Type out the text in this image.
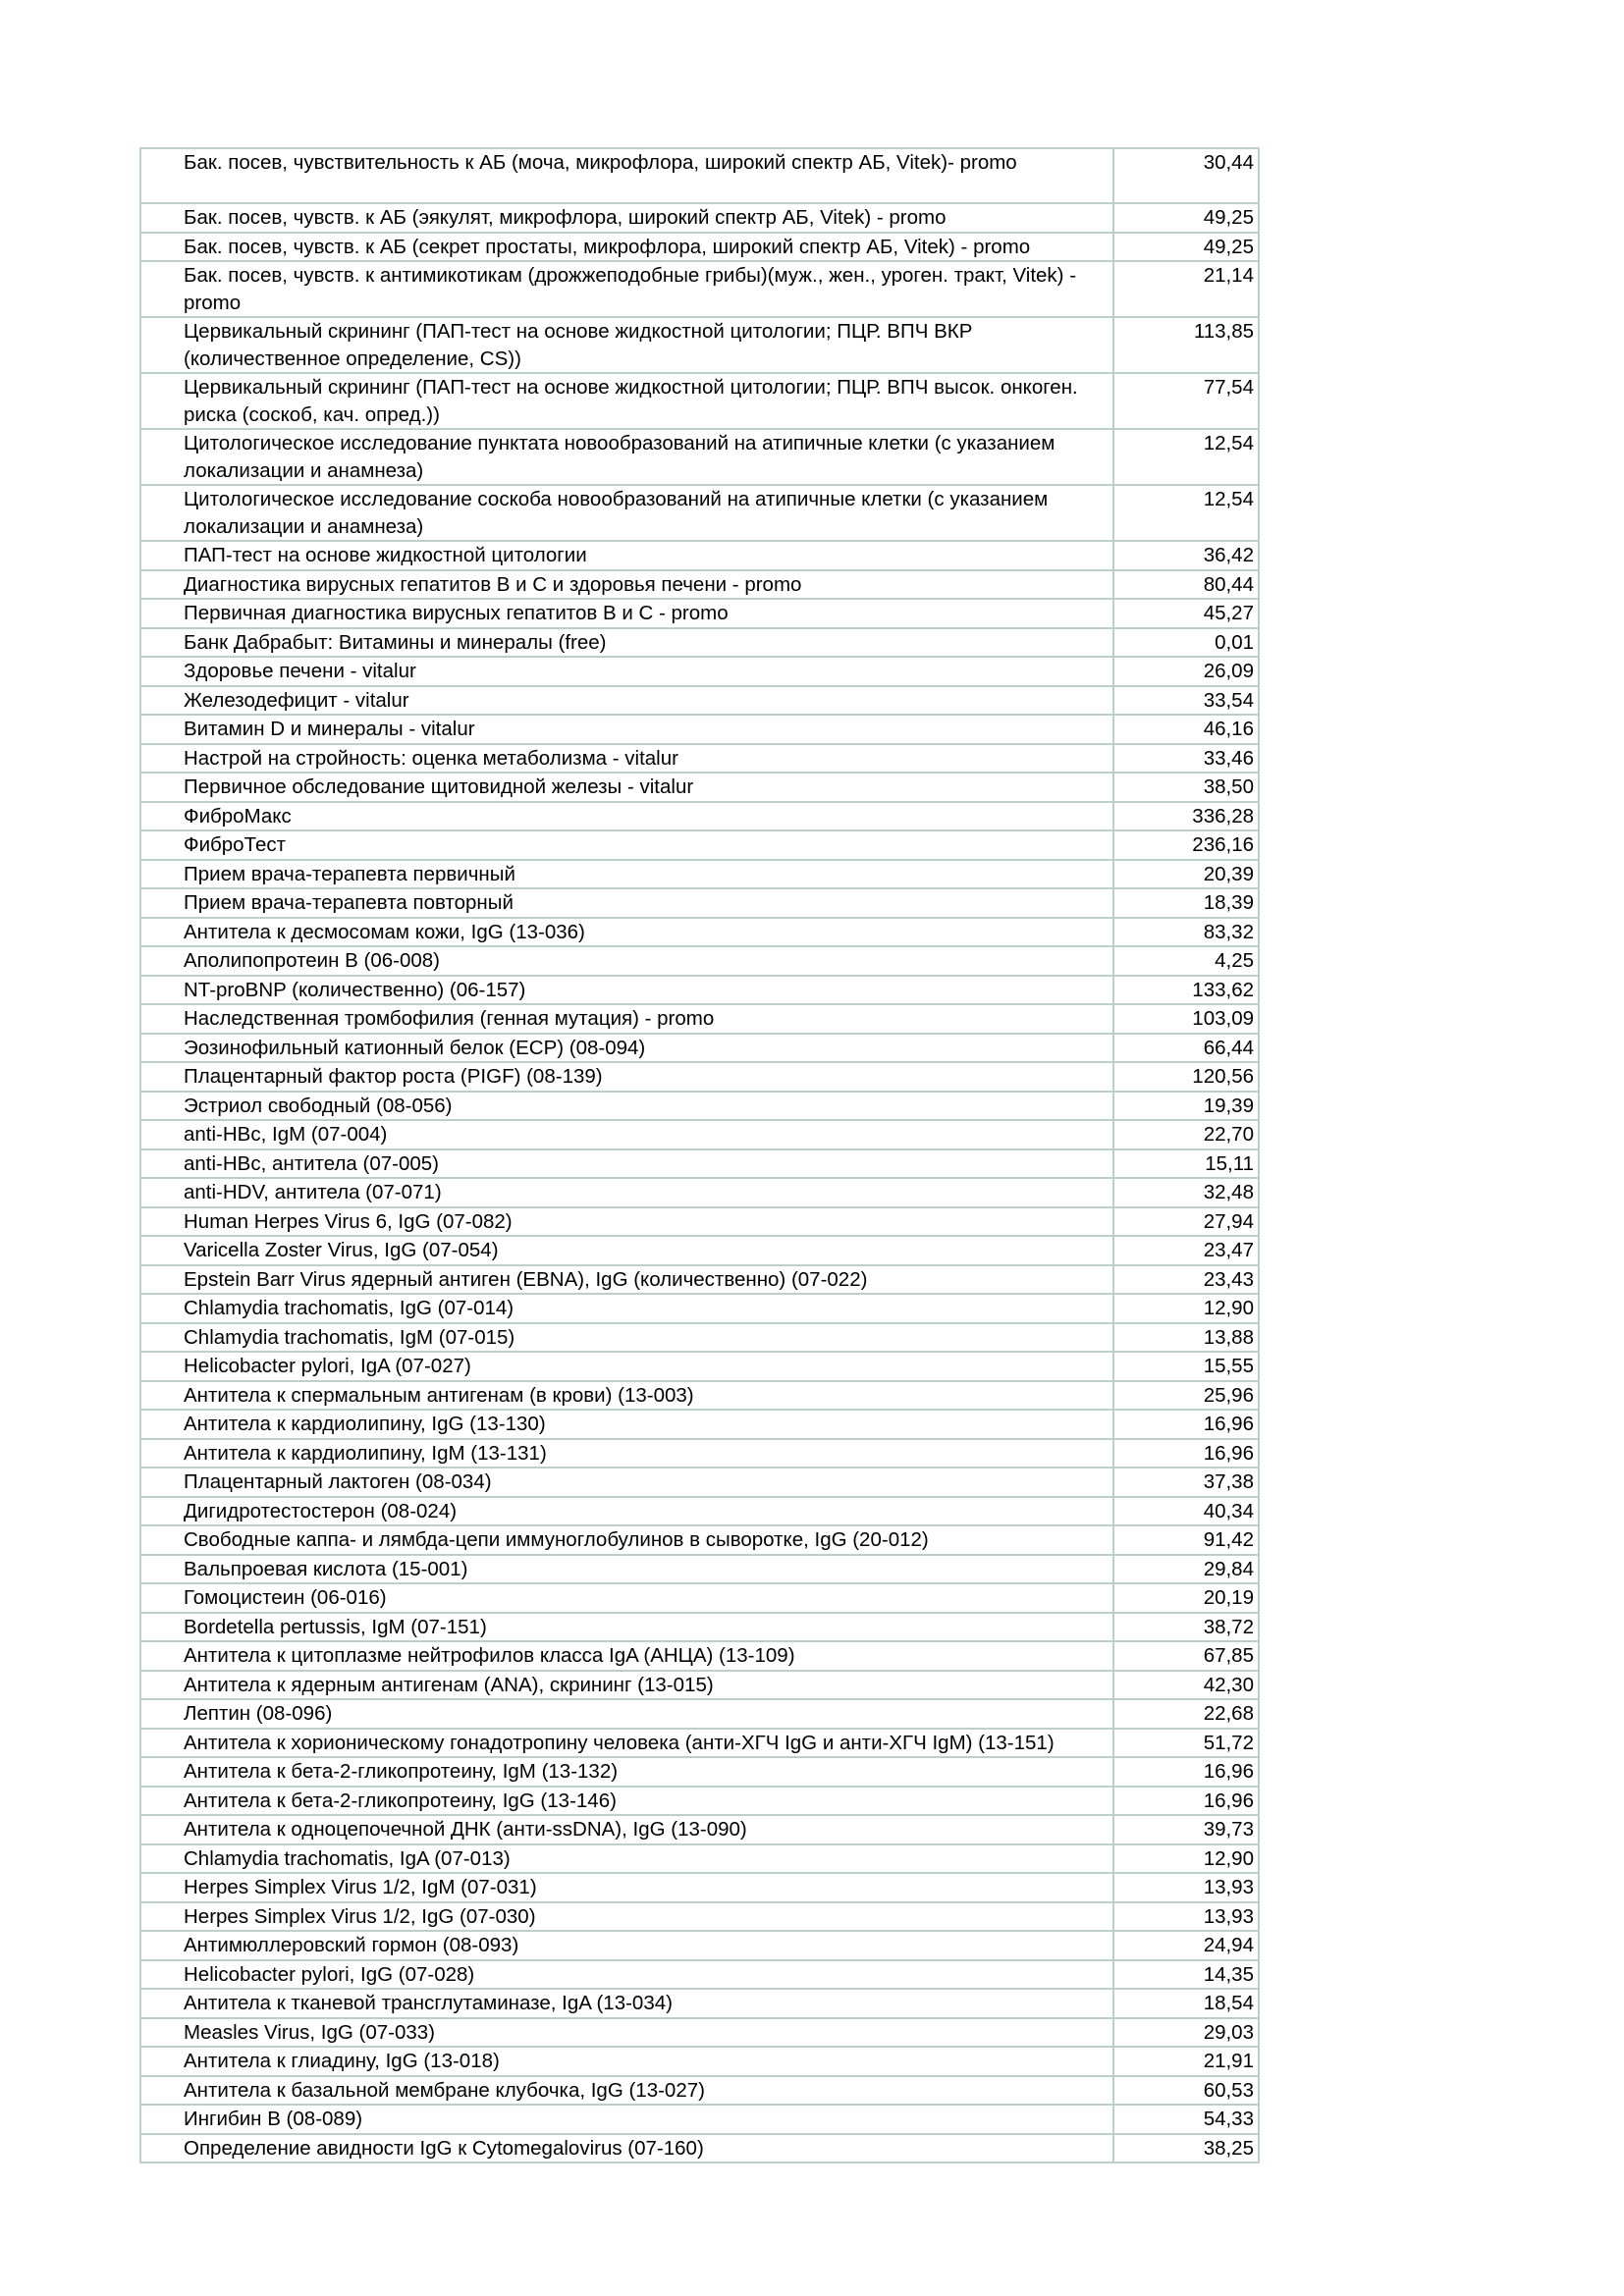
Бак. посев, чувствительность к АБ (моча, микрофлора, широкий спектр АБ, Vitek)- promo	30,44
Бак. посев, чувств. к АБ (эякулят, микрофлора, широкий спектр АБ, Vitek) - promo	49,25
Бак. посев, чувств. к АБ (секрет простаты, микрофлора, широкий спектр АБ, Vitek) - promo	49,25
Бак. посев, чувств. к антимикотикам (дрожжеподобные грибы)(муж., жен., уроген. тракт, Vitek) - promo	21,14
Цервикальный скрининг (ПАП-тест на основе жидкостной цитологии; ПЦР. ВПЧ ВКР (количественное определение, CS))	113,85
Цервикальный скрининг (ПАП-тест на основе жидкостной цитологии; ПЦР. ВПЧ высок. онкоген. риска (соскоб, кач. опред.))	77,54
Цитологическое исследование пунктата новообразований на атипичные клетки (с указанием локализации и анамнеза)	12,54
Цитологическое исследование соскоба новообразований на атипичные клетки (с указанием локализации и анамнеза)	12,54
ПАП-тест на основе жидкостной цитологии	36,42
Диагностика вирусных гепатитов В и С и здоровья печени - promo	80,44
Первичная диагностика вирусных гепатитов В и С - promo	45,27
Банк Дабрабыт: Витамины и минералы (free)	0,01
Здоровье печени - vitalur	26,09
Железодефицит - vitalur	33,54
Витамин D и минералы - vitalur	46,16
Настрой на стройность: оценка метаболизма - vitalur	33,46
Первичное обследование щитовидной железы - vitalur	38,50
ФиброМакс	336,28
ФиброТест	236,16
Прием врача-терапевта первичный	20,39
Прием врача-терапевта повторный	18,39
Антитела к десмосомам кожи, IgG (13-036)	83,32
Аполипопротеин В (06-008)	4,25
NT-proBNP (количественно) (06-157)	133,62
Наследственная тромбофилия (генная мутация) - promo	103,09
Эозинофильный катионный белок (ЕСР) (08-094)	66,44
Плацентарный фактор роста (PIGF) (08-139)	120,56
Эстриол свободный (08-056)	19,39
anti-HBc, IgM (07-004)	22,70
anti-HBc, антитела (07-005)	15,11
anti-HDV, антитела (07-071)	32,48
Human Herpes Virus 6, IgG (07-082)	27,94
Varicella Zoster Virus, IgG (07-054)	23,47
Epstein Barr Virus ядерный антиген (EBNA), IgG (количественно) (07-022)	23,43
Chlamydia trachomatis, IgG (07-014)	12,90
Chlamydia trachomatis, IgM (07-015)	13,88
Helicobacter pylori, IgA (07-027)	15,55
Антитела к спермальным антигенам (в крови) (13-003)	25,96
Антитела к кардиолипину, IgG (13-130)	16,96
Антитела к кардиолипину, IgM (13-131)	16,96
Плацентарный лактоген (08-034)	37,38
Дигидротестостерон (08-024)	40,34
Свободные каппа- и лямбда-цепи иммуноглобулинов в сыворотке, IgG (20-012)	91,42
Вальпроевая кислота (15-001)	29,84
Гомоцистеин (06-016)	20,19
Bordetella pertussis, IgM (07-151)	38,72
Антитела к цитоплазме нейтрофилов класса IgA (АНЦА) (13-109)	67,85
Антитела к ядерным антигенам (ANA), скрининг (13-015)	42,30
Лептин (08-096)	22,68
Антитела к хорионическому гонадотропину человека (анти-ХГЧ IgG и анти-ХГЧ IgM) (13-151)	51,72
Антитела к бета-2-гликопротеину, IgM (13-132)	16,96
Антитела к бета-2-гликопротеину, IgG (13-146)	16,96
Антитела к одноцепочечной ДНК (анти-ssDNA), IgG (13-090)	39,73
Chlamydia trachomatis, IgA (07-013)	12,90
Herpes Simplex Virus 1/2, IgM (07-031)	13,93
Herpes Simplex Virus 1/2, IgG (07-030)	13,93
Антимюллеровский гормон (08-093)	24,94
Helicobacter pylori, IgG (07-028)	14,35
Антитела к тканевой трансглутаминазе, IgA (13-034)	18,54
Measles Virus, IgG (07-033)	29,03
Антитела к глиадину, IgG (13-018)	21,91
Антитела к базальной мембране клубочка, IgG (13-027)	60,53
Ингибин В (08-089)	54,33
Определение авидности IgG к Cytomegalovirus (07-160)	38,25
